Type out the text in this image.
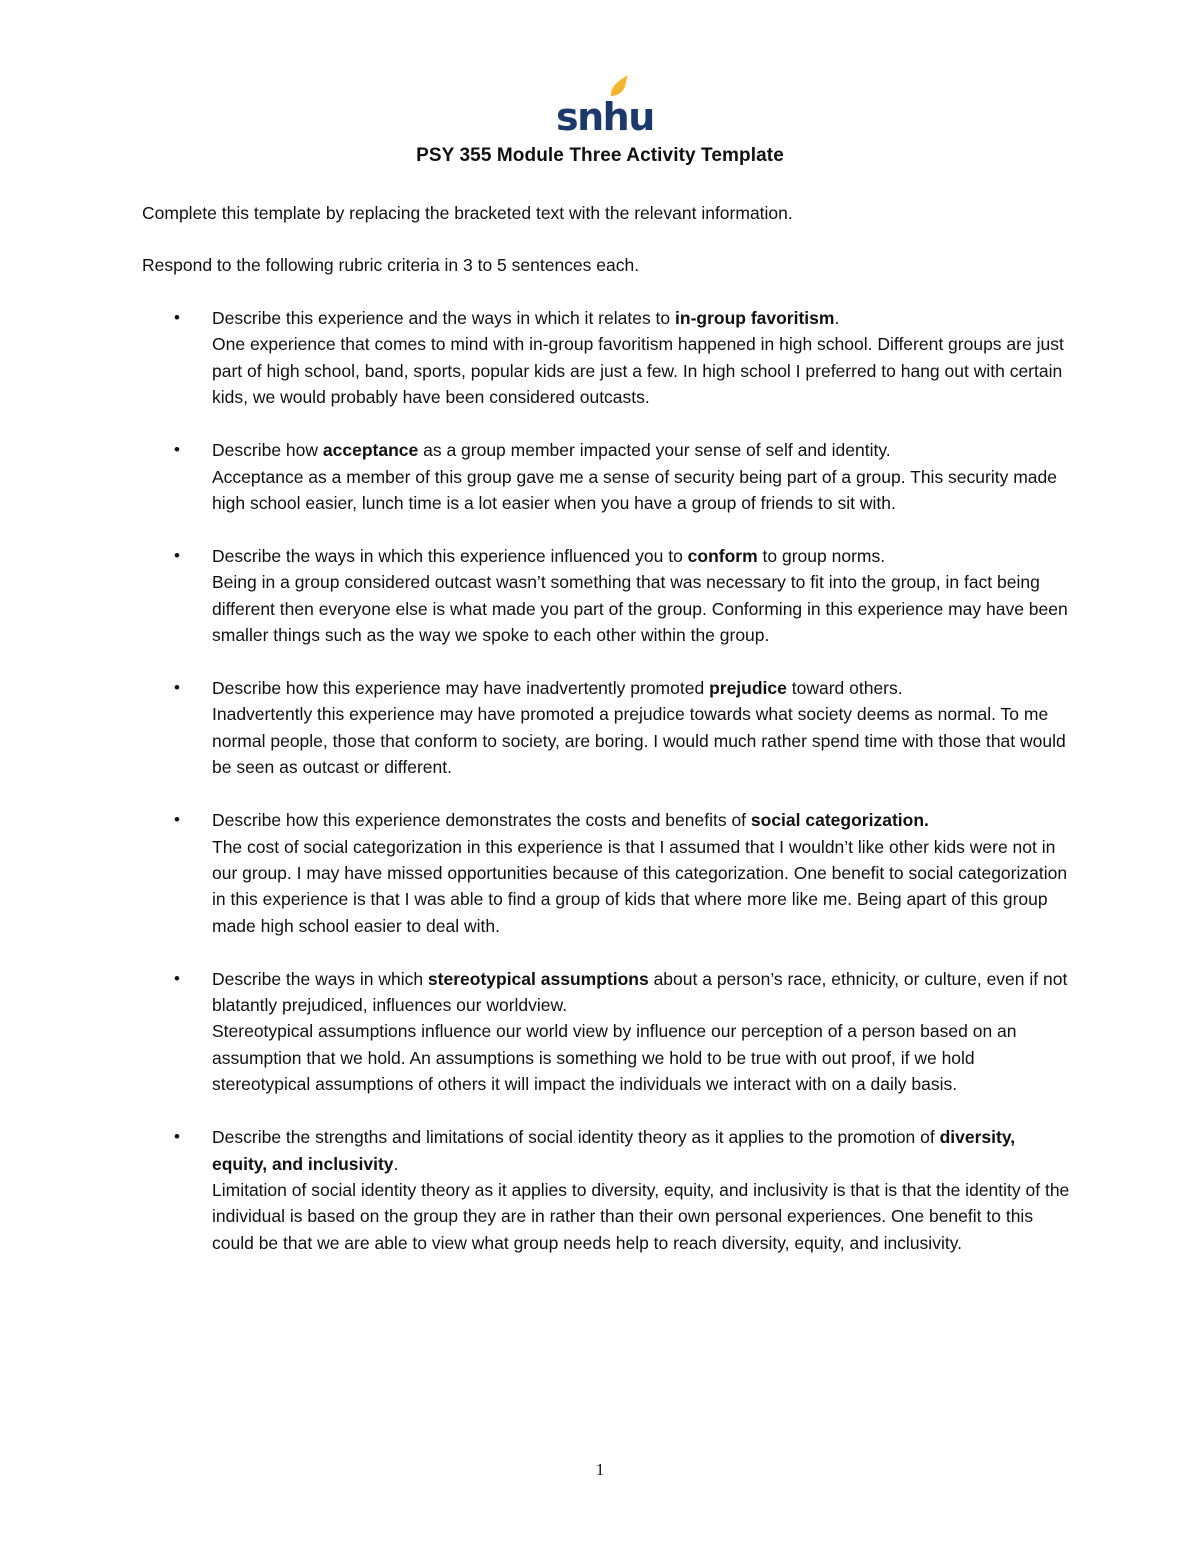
snhu
PSY 355 Module Three Activity Template
Complete this template by replacing the bracketed text with the relevant information.
Respond to the following rubric criteria in 3 to 5 sentences each.
• Describe this experience and the ways in which it relates to in-group favoritism.

One experience that comes to mind with in-group favoritism happened in high school. Different groups are just part of high school, band, sports, popular kids are just a few. In high school I preferred to hang out with certain kids, we would probably have been considered outcasts.

• Describe how acceptance as a group member impacted your sense of self and identity.

Acceptance as a member of this group gave me a sense of security being part of a group. This security made high school easier, lunch time is a lot easier when you have a group of friends to sit with.

• Describe the ways in which this experience influenced you to conform to group norms.

Being in a group considered outcast wasn’t something that was necessary to fit into the group, in fact being different then everyone else is what made you part of the group. Conforming in this experience may have been smaller things such as the way we spoke to each other within the group.

• Describe how this experience may have inadvertently promoted prejudice toward others.

Inadvertently this experience may have promoted a prejudice towards what society deems as normal. To me normal people, those that conform to society, are boring. I would much rather spend time with those that would be seen as outcast or different.

• Describe how this experience demonstrates the costs and benefits of social categorization.

The cost of social categorization in this experience is that I assumed that I wouldn’t like other kids were not in our group. I may have missed opportunities because of this categorization. One benefit to social categorization in this experience is that I was able to find a group of kids that where more like me. Being apart of this group made high school easier to deal with.

• Describe the ways in which stereotypical assumptions about a person’s race, ethnicity, or culture, even if not blatantly prejudiced, influences our worldview.

Stereotypical assumptions influence our world view by influence our perception of a person based on an assumption that we hold. An assumptions is something we hold to be true with out proof, if we hold stereotypical assumptions of others it will impact the individuals we interact with on a daily basis.

• Describe the strengths and limitations of social identity theory as it applies to the promotion of diversity, equity, and inclusivity.

Limitation of social identity theory as it applies to diversity, equity, and inclusivity is that is that the identity of the individual is based on the group they are in rather than their own personal experiences. One benefit to this could be that we are able to view what group needs help to reach diversity, equity, and inclusivity.

1
